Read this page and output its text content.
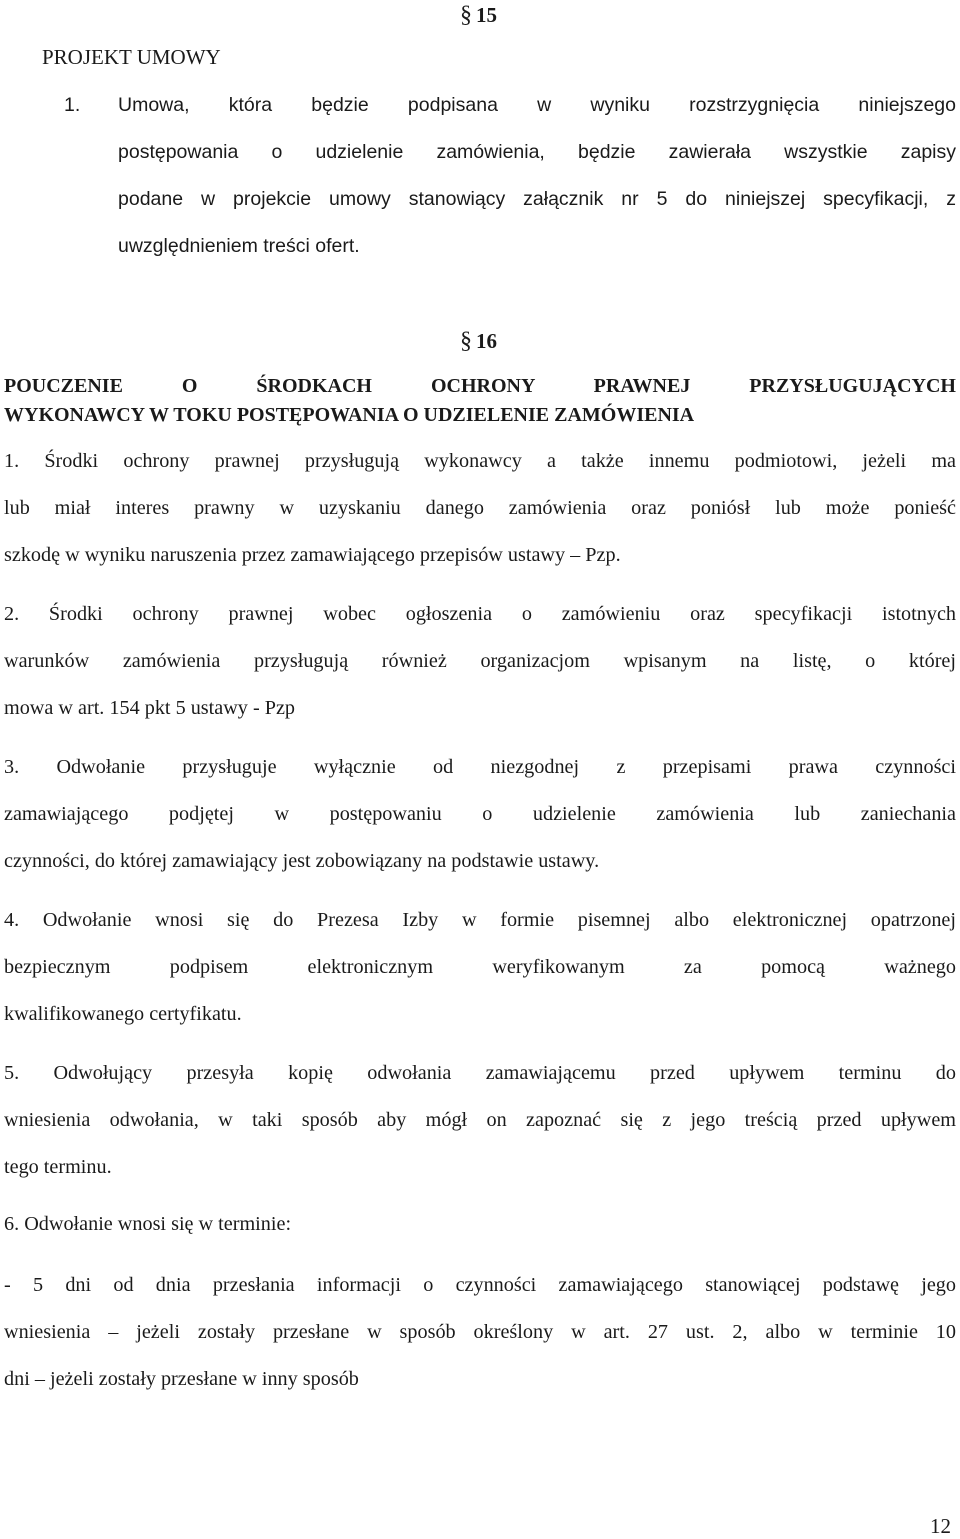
§ 15
PROJEKT UMOWY
1.	Umowa, która będzie podpisana w wyniku rozstrzygnięcia niniejszego
postępowania o udzielenie zamówienia, będzie zawierała wszystkie zapisy
podane w projekcie umowy stanowiący załącznik nr 5 do niniejszej specyfikacji, z
uwzględnieniem treści ofert.
§ 16
POUCZENIE O ŚRODKACH OCHRONY PRAWNEJ PRZYSŁUGUJĄCYCH
WYKONAWCY W TOKU POSTĘPOWANIA O UDZIELENIE ZAMÓWIENIA
1. Środki ochrony prawnej przysługują wykonawcy a także innemu podmiotowi, jeżeli ma
lub miał interes prawny w uzyskaniu danego zamówienia oraz poniósł lub może ponieść
szkodę w wyniku naruszenia przez zamawiającego przepisów ustawy – Pzp.
2. Środki ochrony prawnej wobec ogłoszenia o zamówieniu oraz specyfikacji istotnych
warunków zamówienia przysługują również organizacjom wpisanym na listę, o której
mowa w art. 154 pkt 5 ustawy - Pzp
3. Odwołanie przysługuje wyłącznie od niezgodnej z przepisami prawa czynności
zamawiającego podjętej w postępowaniu o udzielenie zamówienia lub zaniechania
czynności, do której zamawiający jest zobowiązany na podstawie ustawy.
4. Odwołanie wnosi się do Prezesa Izby w formie pisemnej albo elektronicznej opatrzonej
bezpiecznym podpisem elektronicznym weryfikowanym za pomocą ważnego
kwalifikowanego certyfikatu.
5. Odwołujący przesyła kopię odwołania zamawiającemu przed upływem terminu do
wniesienia odwołania, w taki sposób aby mógł on zapoznać się z jego treścią przed upływem
tego terminu.
6. Odwołanie wnosi się w terminie:
- 5 dni od dnia przesłania informacji o czynności zamawiającego stanowiącej podstawę jego
wniesienia – jeżeli zostały przesłane w sposób określony w art. 27 ust. 2, albo w terminie 10
dni – jeżeli zostały przesłane w inny sposób
12
